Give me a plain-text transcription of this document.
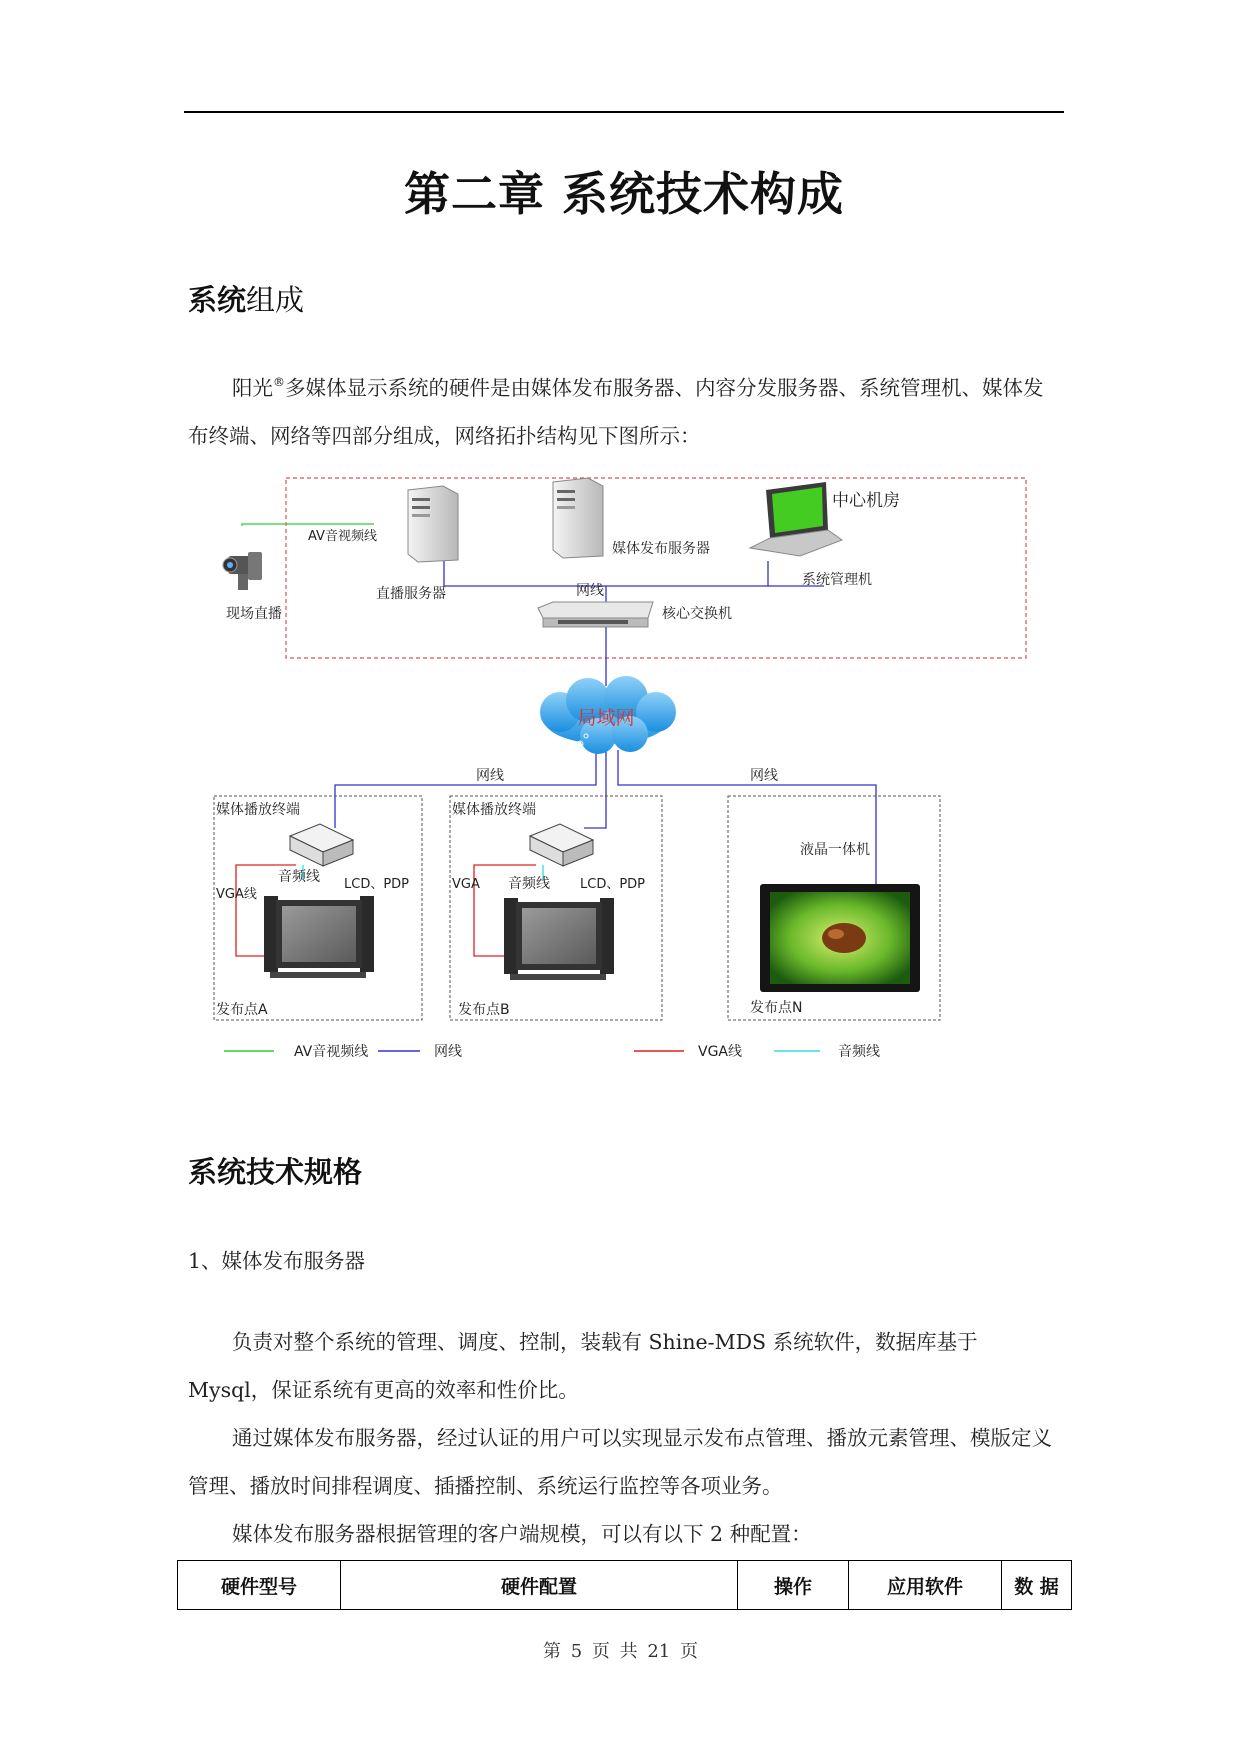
第二章 系统技术构成
系统组成
阳光®多媒体显示系统的硬件是由媒体发布服务器、内容分发服务器、系统管理机、媒体发布终端、网络等四部分组成，网络拓扑结构见下图所示：
现场直播
AV音视频线
直播服务器
媒体发布服务器
中心机房
系统管理机
网线
核心交换机
局域网
网线	网线
媒体播放终端
音频线 LCD、PDP
VGA线
发布点A
媒体播放终端
VGA 音频线 LCD、PDP
发布点B
液晶一体机
发布点N
AV音视频线	网线	VGA线	音频线
系统技术规格
1、媒体发布服务器
负责对整个系统的管理、调度、控制，装载有 Shine-MDS 系统软件，数据库基于 Mysql，保证系统有更高的效率和性价比。
通过媒体发布服务器，经过认证的用户可以实现显示发布点管理、播放元素管理、模版定义管理、播放时间排程调度、插播控制、系统运行监控等各项业务。
媒体发布服务器根据管理的客户端规模，可以有以下 2 种配置：
硬件型号	硬件配置	操作	应用软件	数 据
第 5 页 共 21 页
